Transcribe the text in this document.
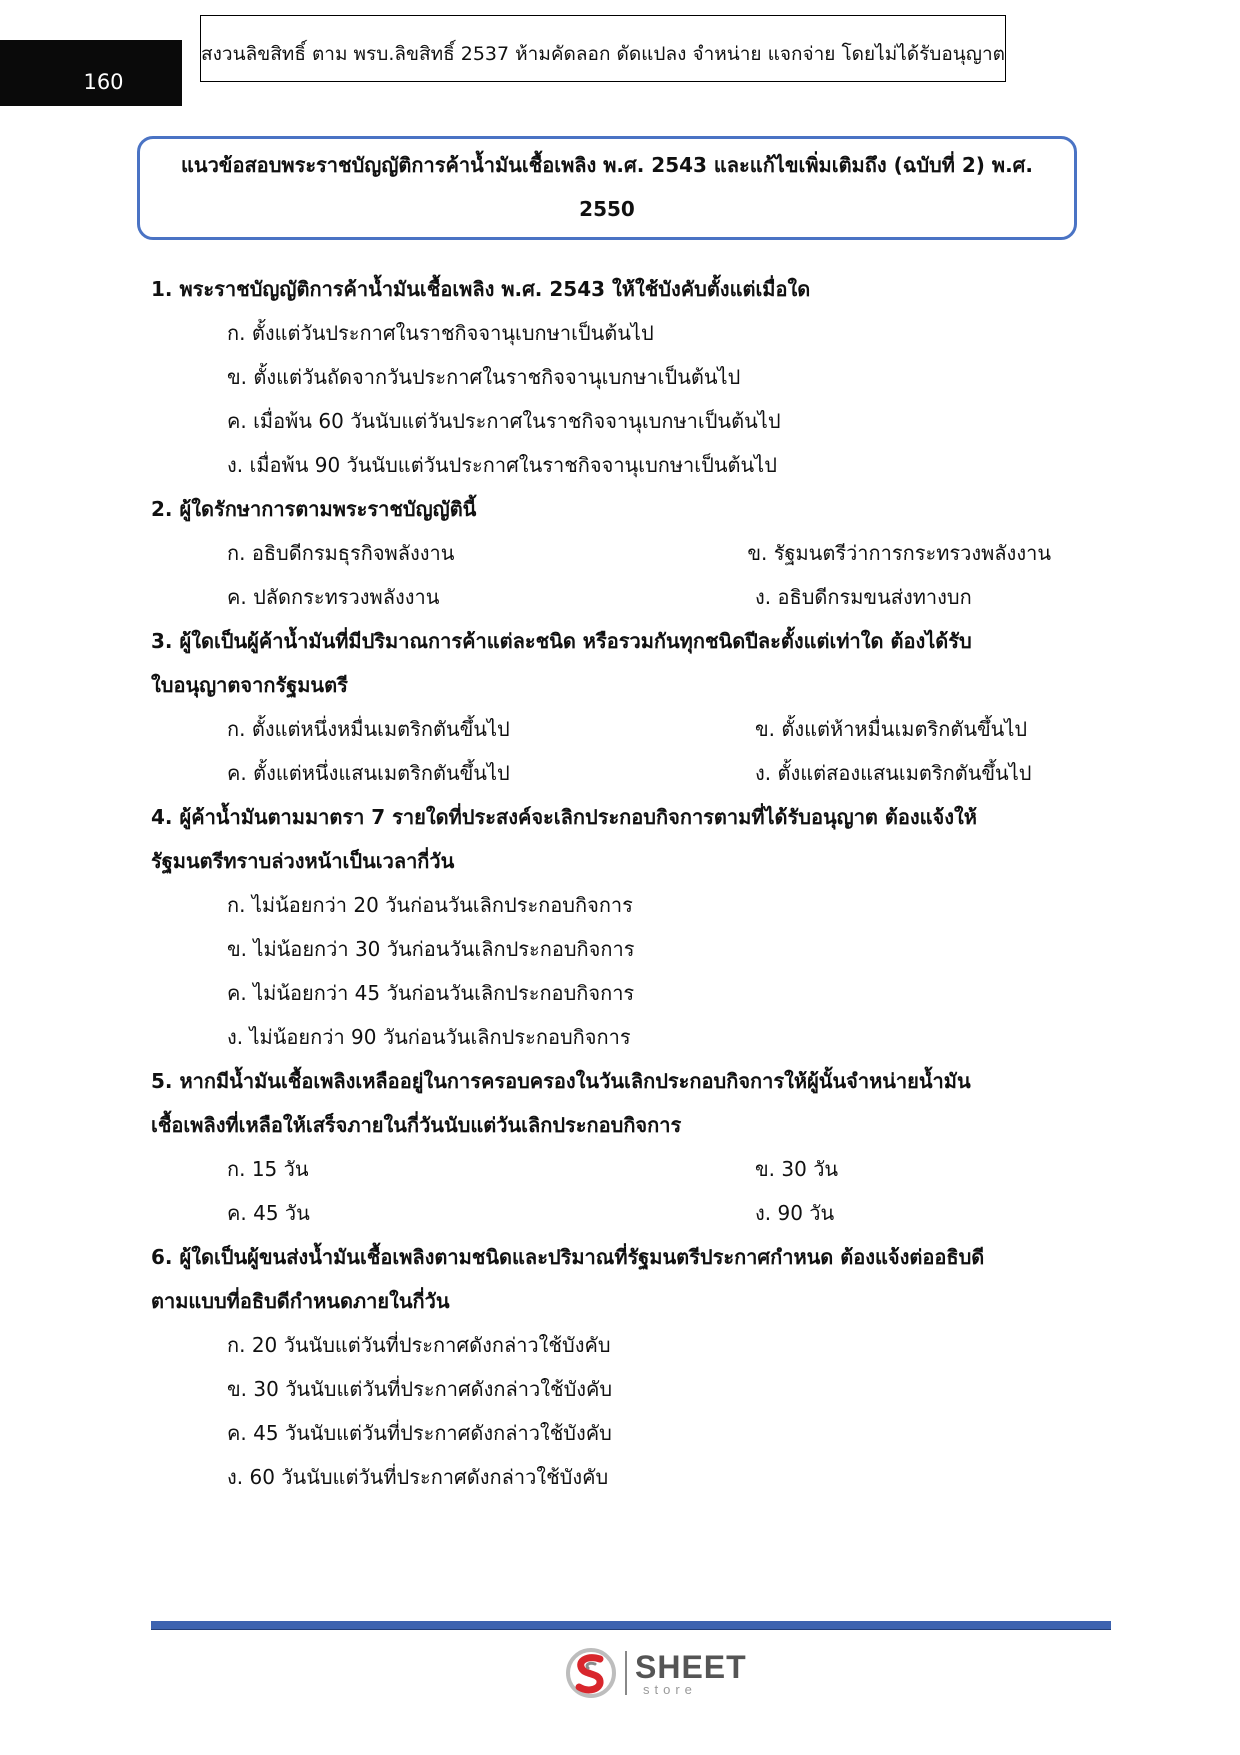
160
สงวนลิขสิทธิ์ ตาม พรบ.ลิขสิทธิ์ 2537 ห้ามคัดลอก ดัดแปลง จำหน่าย แจกจ่าย โดยไม่ได้รับอนุญาต
แนวข้อสอบพระราชบัญญัติการค้าน้ำมันเชื้อเพลิง พ.ศ. 2543 และแก้ไขเพิ่มเติมถึง (ฉบับที่ 2) พ.ศ.
2550
1. พระราชบัญญัติการค้าน้ำมันเชื้อเพลิง พ.ศ. 2543 ให้ใช้บังคับตั้งแต่เมื่อใด
ก. ตั้งแต่วันประกาศในราชกิจจานุเบกษาเป็นต้นไป
ข. ตั้งแต่วันถัดจากวันประกาศในราชกิจจานุเบกษาเป็นต้นไป
ค. เมื่อพ้น 60 วันนับแต่วันประกาศในราชกิจจานุเบกษาเป็นต้นไป
ง. เมื่อพ้น 90 วันนับแต่วันประกาศในราชกิจจานุเบกษาเป็นต้นไป
2. ผู้ใดรักษาการตามพระราชบัญญัตินี้
ก. อธิบดีกรมธุรกิจพลังงาน	ข. รัฐมนตรีว่าการกระทรวงพลังงาน
ค. ปลัดกระทรวงพลังงาน	ง. อธิบดีกรมขนส่งทางบก
3. ผู้ใดเป็นผู้ค้าน้ำมันที่มีปริมาณการค้าแต่ละชนิด หรือรวมกันทุกชนิดปีละตั้งแต่เท่าใด ต้องได้รับ
ใบอนุญาตจากรัฐมนตรี
ก. ตั้งแต่หนึ่งหมื่นเมตริกตันขึ้นไป	ข. ตั้งแต่ห้าหมื่นเมตริกตันขึ้นไป
ค. ตั้งแต่หนึ่งแสนเมตริกตันขึ้นไป	ง. ตั้งแต่สองแสนเมตริกตันขึ้นไป
4. ผู้ค้าน้ำมันตามมาตรา 7 รายใดที่ประสงค์จะเลิกประกอบกิจการตามที่ได้รับอนุญาต ต้องแจ้งให้
รัฐมนตรีทราบล่วงหน้าเป็นเวลากี่วัน
ก. ไม่น้อยกว่า 20 วันก่อนวันเลิกประกอบกิจการ
ข. ไม่น้อยกว่า 30 วันก่อนวันเลิกประกอบกิจการ
ค. ไม่น้อยกว่า 45 วันก่อนวันเลิกประกอบกิจการ
ง. ไม่น้อยกว่า 90 วันก่อนวันเลิกประกอบกิจการ
5. หากมีน้ำมันเชื้อเพลิงเหลืออยู่ในการครอบครองในวันเลิกประกอบกิจการให้ผู้นั้นจำหน่ายน้ำมัน
เชื้อเพลิงที่เหลือให้เสร็จภายในกี่วันนับแต่วันเลิกประกอบกิจการ
ก. 15 วัน	ข. 30 วัน
ค. 45 วัน	ง. 90 วัน
6. ผู้ใดเป็นผู้ขนส่งน้ำมันเชื้อเพลิงตามชนิดและปริมาณที่รัฐมนตรีประกาศกำหนด ต้องแจ้งต่ออธิบดี
ตามแบบที่อธิบดีกำหนดภายในกี่วัน
ก. 20 วันนับแต่วันที่ประกาศดังกล่าวใช้บังคับ
ข. 30 วันนับแต่วันที่ประกาศดังกล่าวใช้บังคับ
ค. 45 วันนับแต่วันที่ประกาศดังกล่าวใช้บังคับ
ง. 60 วันนับแต่วันที่ประกาศดังกล่าวใช้บังคับ
SHEET
store
